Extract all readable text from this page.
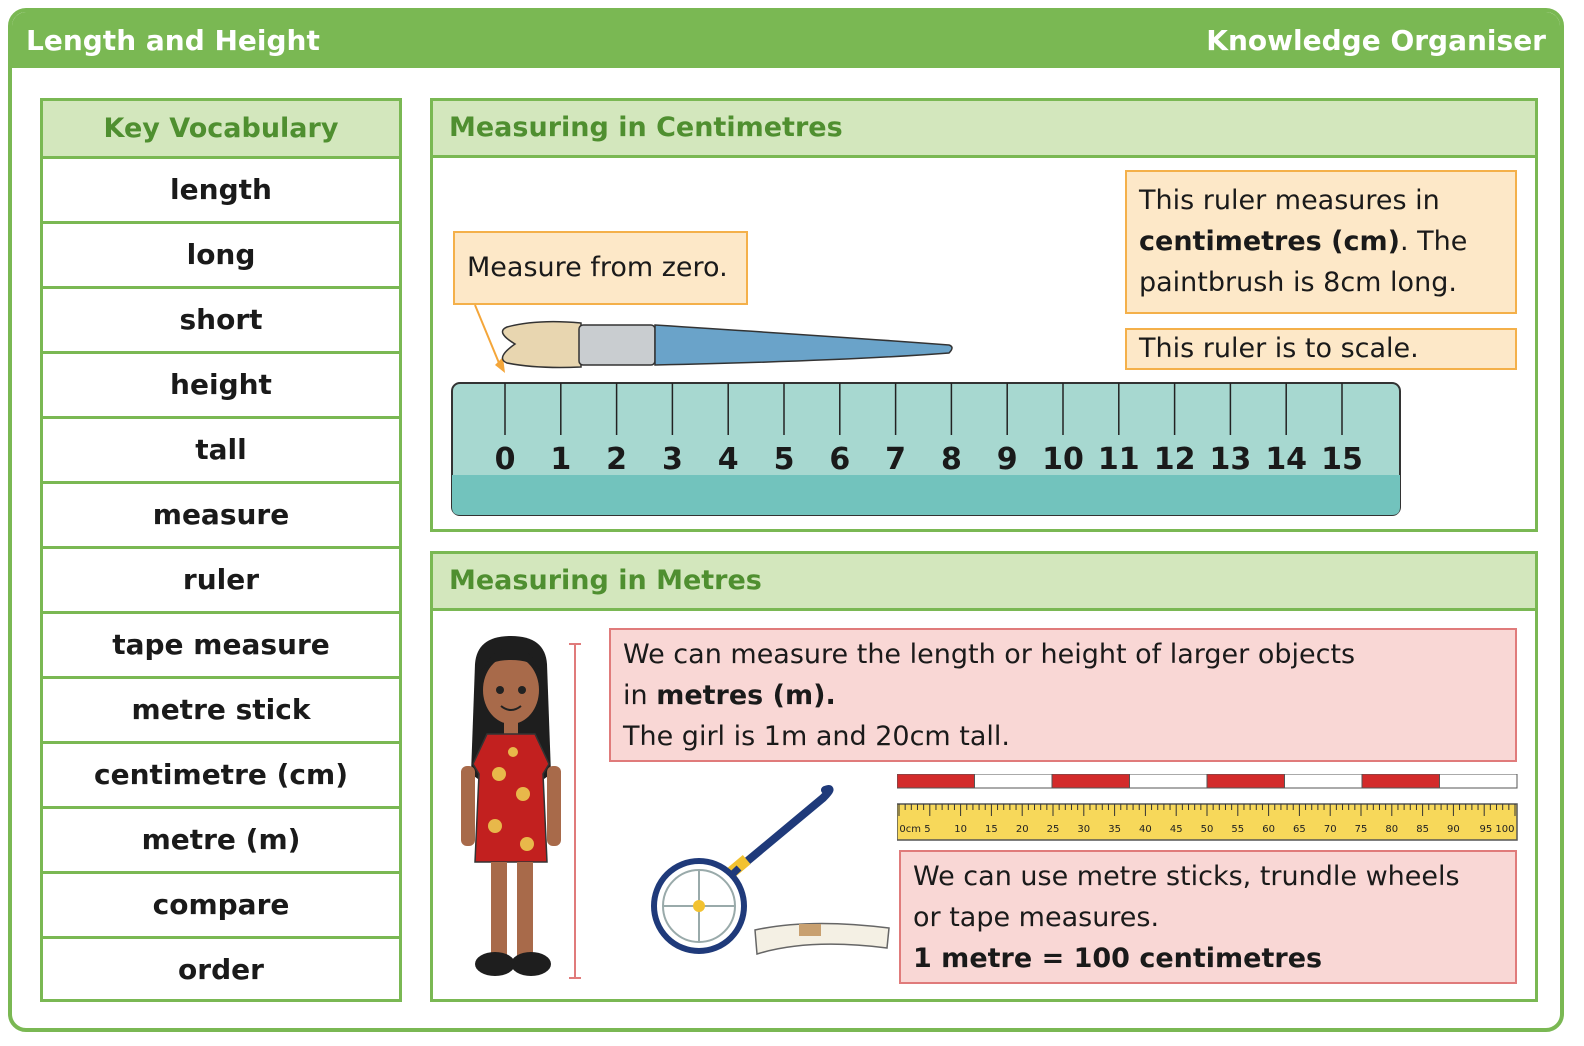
Length and Height	Knowledge Organiser
Key Vocabulary
length
long
short
height
tall
measure
ruler
tape measure
metre stick
centimetre (cm)
metre (m)
compare
order
Measuring in Centimetres
Measure from zero.
This ruler measures in
centimetres (cm). The
paintbrush is 8cm long.
This ruler is to scale.
0 1 2 3 4 5 6 7 8 9 10 11 12 13 14 15
Measuring in Metres
We can measure the length or height of larger objects
in metres (m).
The girl is 1m and 20cm tall.
0cm 5 10 15 20 25 30 35 40 45 50 55 60 65 70 75 80 85 90 95 100
We can use metre sticks, trundle wheels
or tape measures.
1 metre = 100 centimetres
